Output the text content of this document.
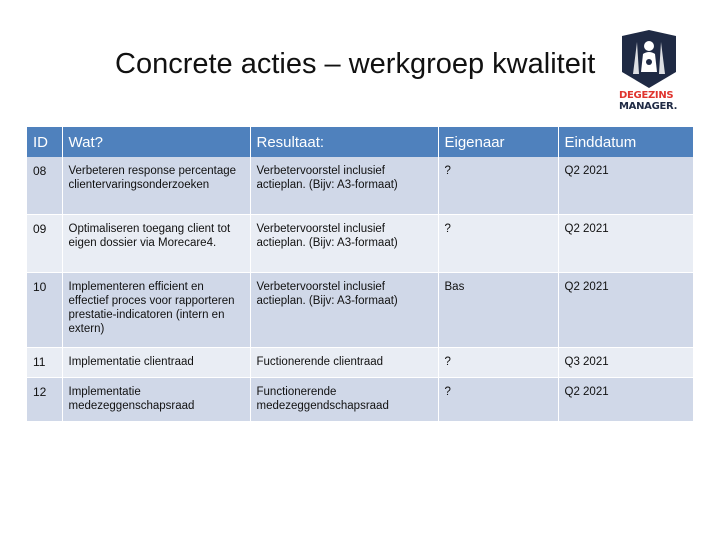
Concrete acties – werkgroep kwaliteit
DEGEZINS
MANAGER.
ID	Wat?	Resultaat:	Eigenaar	Einddatum
08	Verbeteren response percentage clientervaringsonderzoeken	Verbetervoorstel inclusief actieplan. (Bijv: A3-formaat)	?	Q2 2021
09	Optimaliseren toegang client tot eigen dossier via Morecare4.	Verbetervoorstel inclusief actieplan. (Bijv: A3-formaat)	?	Q2 2021
10	Implementeren efficient en effectief proces voor rapporteren prestatie-indicatoren (intern en extern)	Verbetervoorstel inclusief actieplan. (Bijv: A3-formaat)	Bas	Q2 2021
11	Implementatie clientraad	Fuctionerende clientraad	?	Q3 2021
12	Implementatie medezeggenschapsraad	Functionerende medezeggendschapsraad	?	Q2 2021
